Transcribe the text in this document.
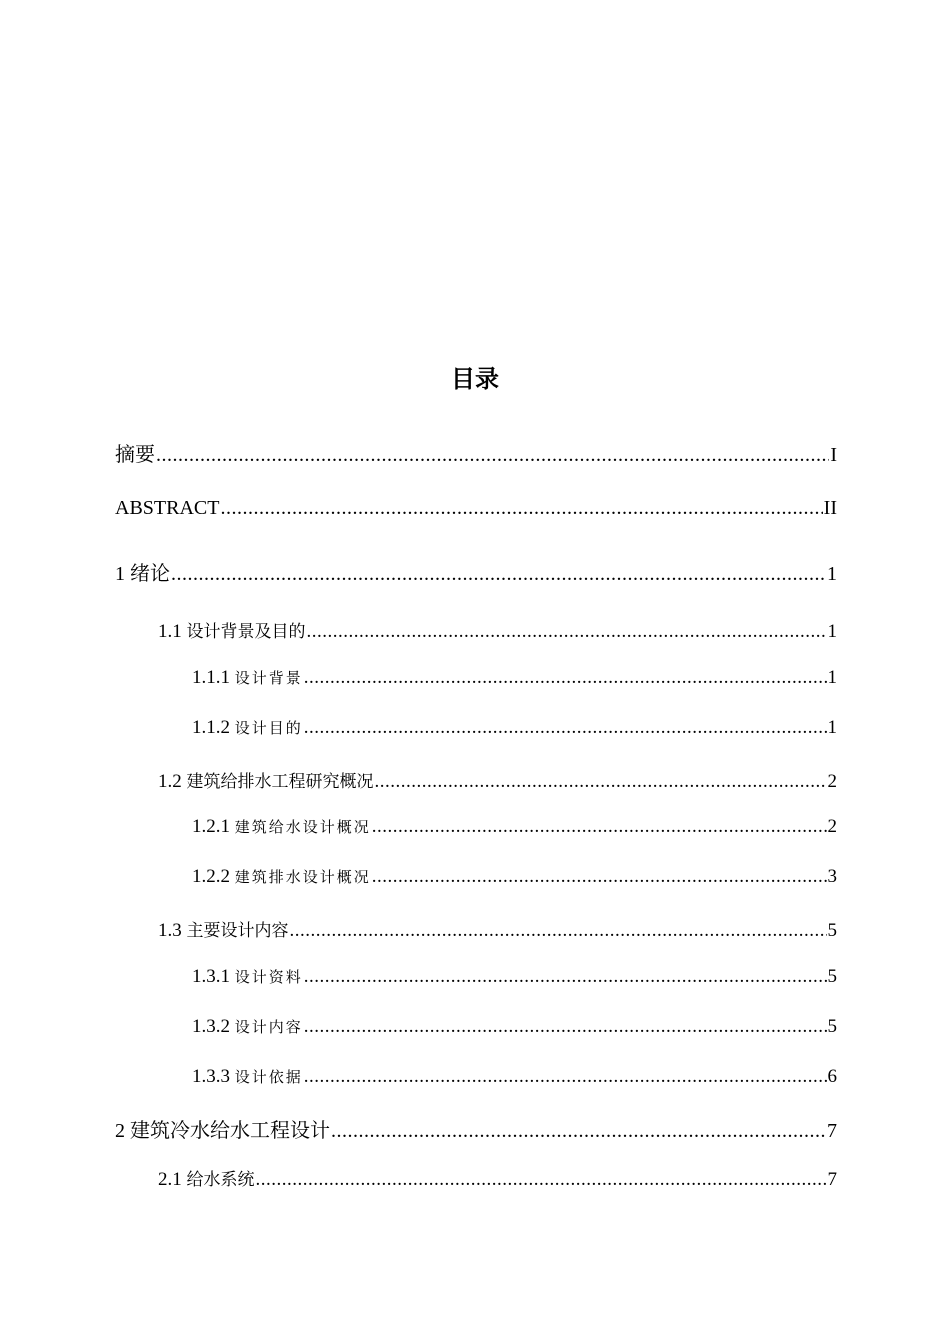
目录
摘要 .....	I
ABSTRACT .....	II
1 绪论 .....	1
1.1 设计背景及目的 .....	1
1.1.1 设计背景 .....	1
1.1.2 设计目的 .....	1
1.2 建筑给排水工程研究概况 .....	2
1.2.1 建筑给水设计概况 .....	2
1.2.2 建筑排水设计概况 .....	3
1.3 主要设计内容 .....	5
1.3.1 设计资料 .....	5
1.3.2 设计内容 .....	5
1.3.3 设计依据 .....	6
2 建筑冷水给水工程设计 .....	7
2.1 给水系统 .....	7
